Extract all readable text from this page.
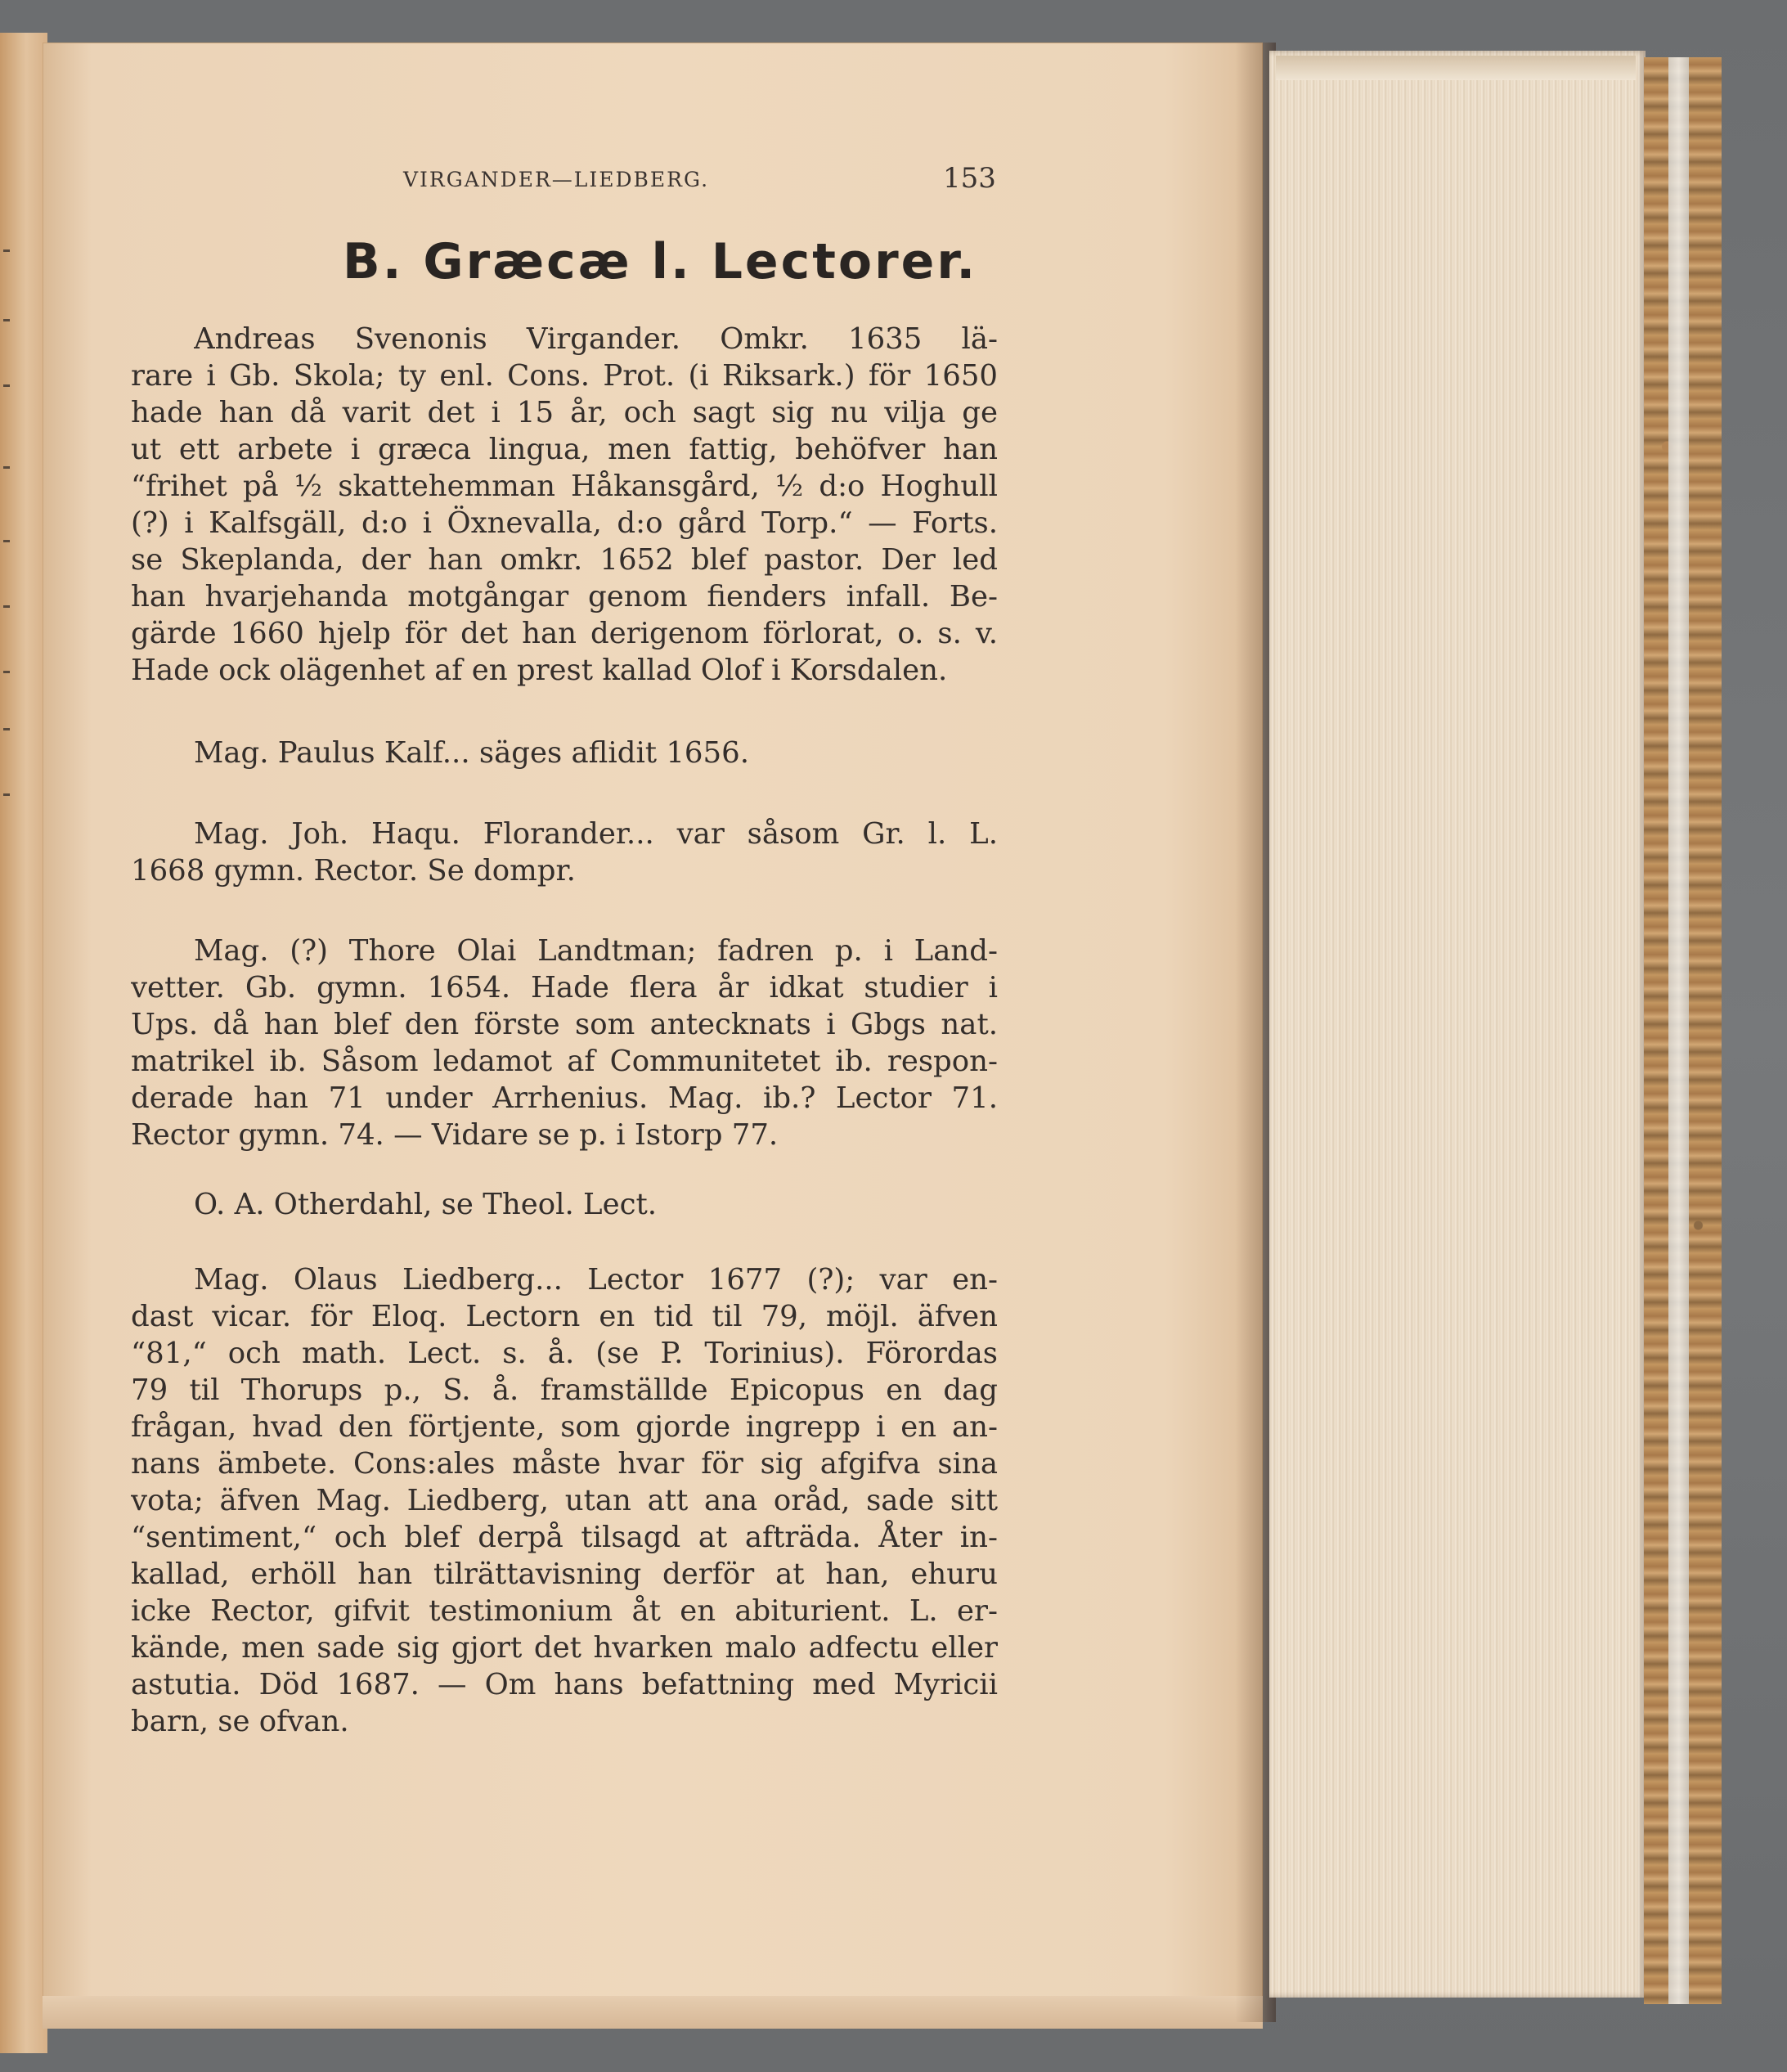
VIRGANDER—LIEDBERG.	153
B. Græcæ l. Lectorer.
Andreas Svenonis Virgander. Omkr. 1635 lä-
rare i Gb. Skola; ty enl. Cons. Prot. (i Riksark.) för 1650
hade han då varit det i 15 år, och sagt sig nu vilja ge
ut ett arbete i græca lingua, men fattig, behöfver han
“frihet på ½ skattehemman Håkansgård, ½ d:o Hoghull
(?) i Kalfsgäll, d:o i Öxnevalla, d:o gård Torp.“ — Forts.
se Skeplanda, der han omkr. 1652 blef pastor. Der led
han hvarjehanda motgångar genom fienders infall. Be-
gärde 1660 hjelp för det han derigenom förlorat, o. s. v.
Hade ock olägenhet af en prest kallad Olof i Korsdalen.
Mag. Paulus Kalf... säges aflidit 1656.
Mag. Joh. Haqu. Florander... var såsom Gr. l. L.
1668 gymn. Rector. Se dompr.
Mag. (?) Thore Olai Landtman; fadren p. i Land-
vetter. Gb. gymn. 1654. Hade flera år idkat studier i
Ups. då han blef den förste som antecknats i Gbgs nat.
matrikel ib. Såsom ledamot af Communitetet ib. respon-
derade han 71 under Arrhenius. Mag. ib.? Lector 71.
Rector gymn. 74. — Vidare se p. i Istorp 77.
O. A. Otherdahl, se Theol. Lect.
Mag. Olaus Liedberg... Lector 1677 (?); var en-
dast vicar. för Eloq. Lectorn en tid til 79, möjl. äfven
“81,“ och math. Lect. s. å. (se P. Torinius). Förordas
79 til Thorups p., S. å. framställde Epicopus en dag
frågan, hvad den förtjente, som gjorde ingrepp i en an-
nans ämbete. Cons:ales måste hvar för sig afgifva sina
vota; äfven Mag. Liedberg, utan att ana oråd, sade sitt
“sentiment,“ och blef derpå tilsagd at afträda. Åter in-
kallad, erhöll han tilrättavisning derför at han, ehuru
icke Rector, gifvit testimonium åt en abiturient. L. er-
kände, men sade sig gjort det hvarken malo adfectu eller
astutia. Död 1687. — Om hans befattning med Myricii
barn, se ofvan.
